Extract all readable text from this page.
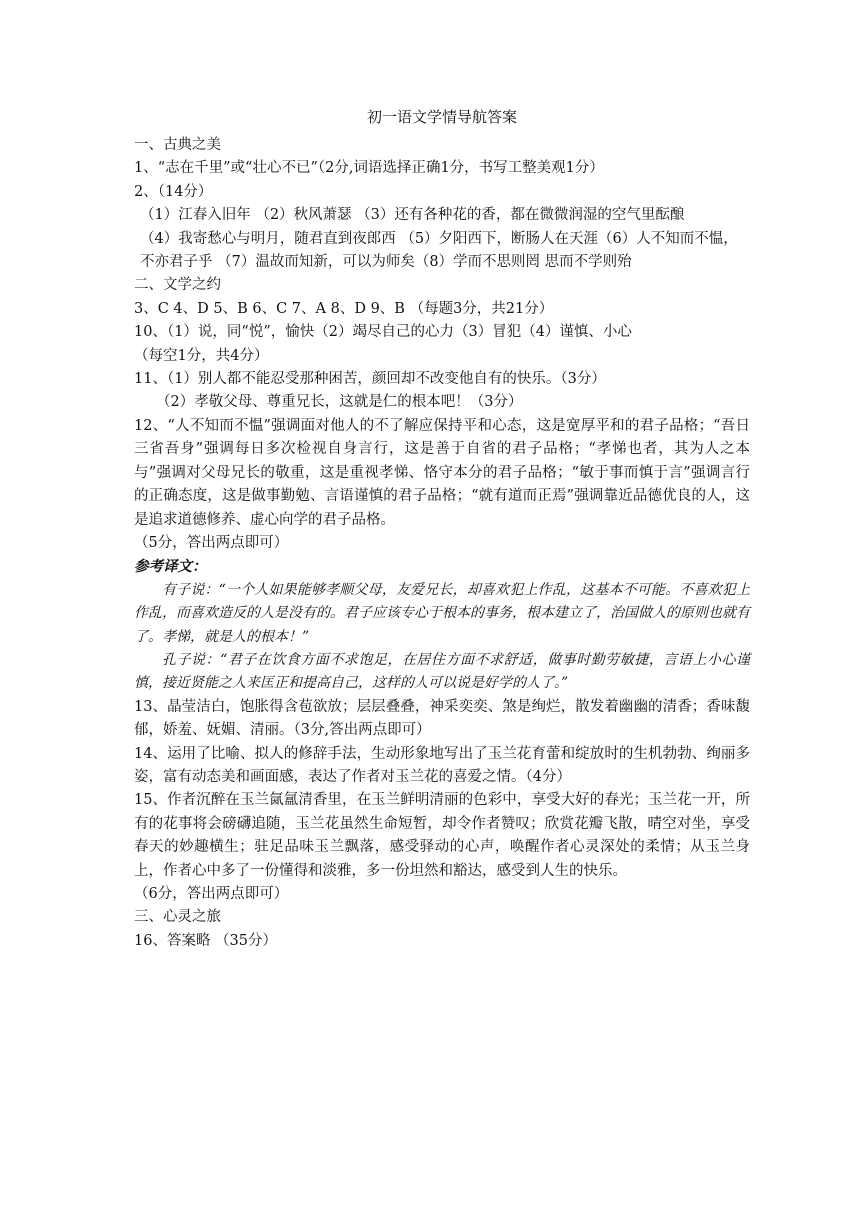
初一语文学情导航答案
一、古典之美
1、“志在千里”或“壮心不已”（2分,词语选择正确1分，书写工整美观1分）
2、（14分）
（1）江春入旧年 （2）秋风萧瑟 （3）还有各种花的香，都在微微润湿的空气里酝酿
（4）我寄愁心与明月，随君直到夜郎西 （5）夕阳西下，断肠人在天涯（6）人不知而不愠，
不亦君子乎 （7）温故而知新，可以为师矣（8）学而不思则罔 思而不学则殆
二、文学之约
3、C 4、D 5、B 6、C 7、A 8、D 9、B （每题3分，共21分）
10、（1）说，同“悦”，愉快（2）竭尽自己的心力（3）冒犯（4）谨慎、小心
（每空1分，共4分）
11、（1）别人都不能忍受那种困苦，颜回却不改变他自有的快乐。（3分）
（2）孝敬父母、尊重兄长，这就是仁的根本吧！（3分）
12、“人不知而不愠”强调面对他人的不了解应保持平和心态，这是宽厚平和的君子品格；“吾日三省吾身”强调每日多次检视自身言行，这是善于自省的君子品格；“孝悌也者，其为人之本与”强调对父母兄长的敬重，这是重视孝悌、恪守本分的君子品格；“敏于事而慎于言”强调言行的正确态度，这是做事勤勉、言语谨慎的君子品格；“就有道而正焉”强调靠近品德优良的人，这是追求道德修养、虚心向学的君子品格。
（5分，答出两点即可）
参考译文：
有子说：“一个人如果能够孝顺父母，友爱兄长，却喜欢犯上作乱，这基本不可能。不喜欢犯上作乱，而喜欢造反的人是没有的。君子应该专心于根本的事务，根本建立了，治国做人的原则也就有了。孝悌，就是人的根本！”
孔子说：“君子在饮食方面不求饱足，在居住方面不求舒适，做事时勤劳敏捷，言语上小心谨慎，接近贤能之人来匡正和提高自己，这样的人可以说是好学的人了。”
13、晶莹洁白，饱胀得含苞欲放；层层叠叠，神采奕奕、煞是绚烂，散发着幽幽的清香；香味馥郁，娇羞、妩媚、清丽。（3分,答出两点即可）
14、运用了比喻、拟人的修辞手法，生动形象地写出了玉兰花育蕾和绽放时的生机勃勃、绚丽多姿，富有动态美和画面感，表达了作者对玉兰花的喜爱之情。（4分）
15、作者沉醉在玉兰氤氲清香里，在玉兰鲜明清丽的色彩中，享受大好的春光；玉兰花一开，所有的花事将会磅礴追随，玉兰花虽然生命短暂，却令作者赞叹；欣赏花瓣飞散，晴空对坐，享受春天的妙趣横生；驻足品味玉兰飘落，感受驿动的心声，唤醒作者心灵深处的柔情；从玉兰身上，作者心中多了一份懂得和淡雅，多一份坦然和豁达，感受到人生的快乐。
（6分，答出两点即可）
三、心灵之旅
16、答案略 （35分）
